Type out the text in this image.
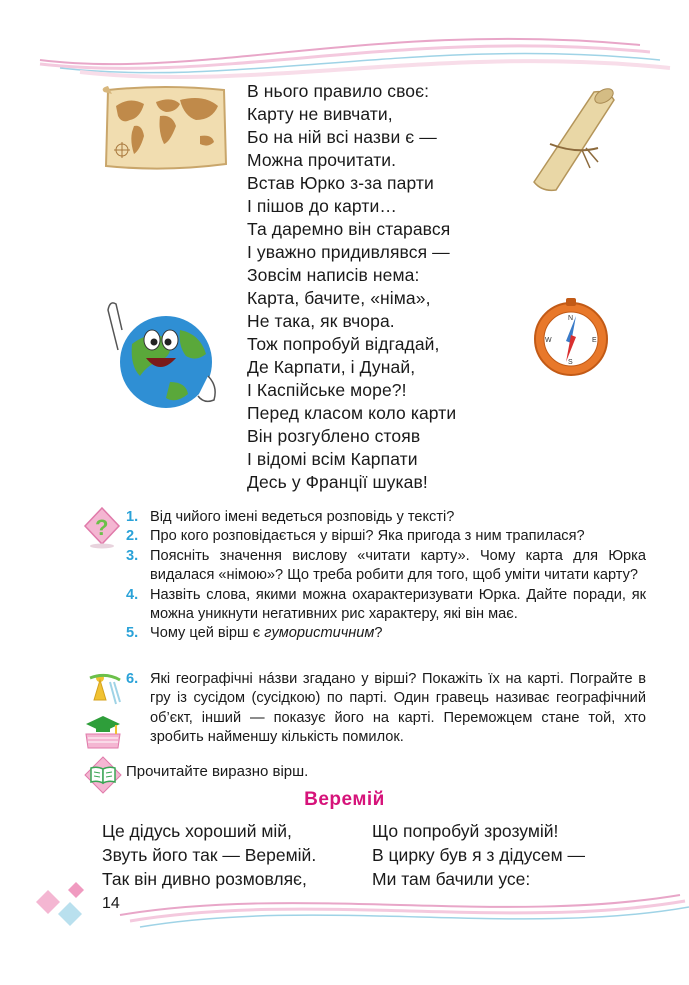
N
S
E
W
В нього правило своє:
Карту не вивчати,
Бо на ній всі назви є —
Можна прочитати.
Встав Юрко з-за парти
І пішов до карти…
Та даремно він старався
І уважно придивлявся —
Зовсім написів нема:
Карта, бачите, «німа»,
Не така, як вчора.
Тож попробуй відгадай,
Де Карпати, і Дунай,
І Каспійське море?!
Перед класом коло карти
Він розгублено стояв
І відомі всім Карпати
Десь у Франції шукав!
? 1. Від чийого імені ведеться розповідь у тексті?
2. Про кого розповідається у вірші? Яка пригода з ним трапилася?
3. Поясніть значення вислову «читати карту». Чому карта для Юрка видалася «німою»? Що треба робити для того, щоб уміти читати карту?
4. Назвіть слова, якими можна охарактеризувати Юрка. Дайте поради, як можна уникнути негативних рис характеру, які він має.
5. Чому цей вірш є гумористичним?
6. Які географічні нáзви згадано у вірші? Покажіть їх на карті. Пограйте в гру із сусідом (сусідкою) по парті. Один гравець називає географічний об’єкт, інший — показує його на карті. Переможцем стане той, хто зробить найменшу кількість помилок.
Прочитайте виразно вірш.
Веремій
Це дідусь хороший мій,
Звуть його так — Веремій.
Так він дивно розмовляє,
Що попробуй зрозумій!
В цирку був я з дідусем —
Ми там бачили усе:
14
